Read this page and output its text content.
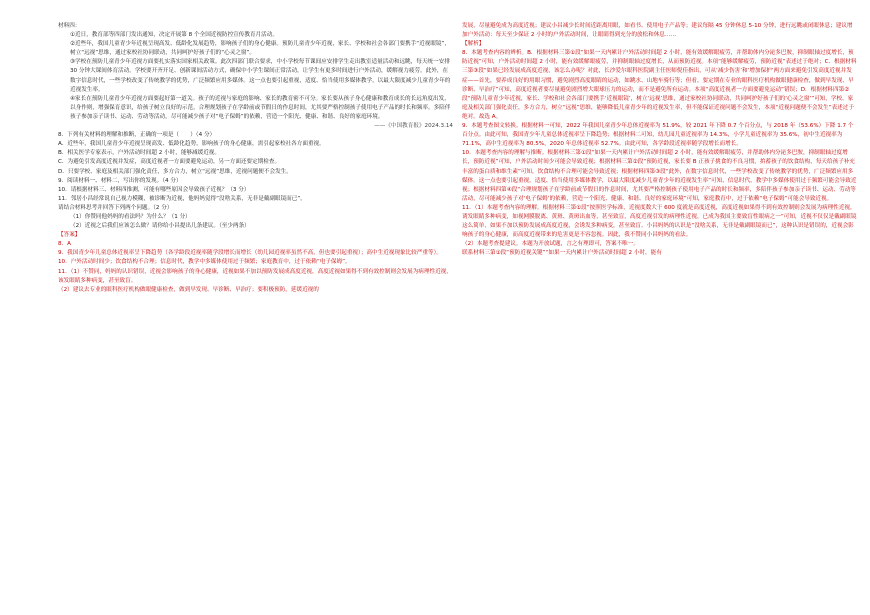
材料四：

①近日，教育部等四部门发出通知，决定开展第 8 个全国近视防控宣传教育月活动。

②近些年，我国儿童青少年近视呈现高发、低龄化发展趋势，影响孩子们的身心健康。预防儿童青少年近视，家长、学校和社会各部门要携手“近视眼镜”，树立“远视”思维，通过家校社协同联动，共同呵护好孩子们的“心灵之窗”。

③学校在预防儿童青少年近视方面要扎实落实国家相关政策。此次四部门联合要求，中小学校每节课间应安排学生走出教室适量活动和远眺，每天统一安排 30 分钟大课间体育活动。学校要开齐开足、创新课间活动方式，确保中小学生课间正常活动，让学生有更多时间进行户外活动，缓解视力疲劳。此外，在数字信息时代，一些学校改变了传统教学的优势，广泛频繁应用多媒体。这一点也要引起重视，适度、恰当使用多媒体教学，以最大限度减少儿童青少年的近视发生率。

④家长在预防儿童青少年近视方面要起好第一道关。孩子的近视与家庭的影响、家长的教育密不可分。家长要从孩子身心健康和教育成长的长远角度出发，以身作则，增强保育意识，给孩子树立良好的示范。合理规划孩子在学龄前或节假日的作息时间，尤其要严格控制孩子使用电子产品的时长和频率。多陪伴孩子参加亲子读书、运动、劳动等活动，尽可能减少孩子对“电子保姆”的依赖，营造一个阳光、健康、和谐、良好的家庭环境。

——《中国教育报》2024.3.14

8．下列有关材料的理解和推断，正确的一项是（　　）（4 分）

A．近些年，我国儿童青少年近视呈现高发、低龄化趋势，影响孩子的身心健康，需引起家校社各方面重视。

B．相关医学专家表示，户外活动时间超 2 小时，能够减缓近视。

C．为避免引发高度近视并发症，高度近视者一方面要避免运动，另一方面还要定期检查。

D．只要学校、家庭及相关部门强化责任，多方合力，树立“远视”思维，近视问题便不会发生。

9．阅读材料一、材料二，写出你的发现。（4 分）

10．请根据材料三、材料四推测，可能有哪些原因会导致孩子近视？（3 分）

11．邻居小昌经常说自己视力模糊，被诊断为近视，他妈妈觉得“没啥关系，无非是戴副眼镜而已”。

请结合材料思考并回答下列两个问题。（2 分）

（1）你赞同他妈妈的看法吗？为什么？（1 分）

（2）近视之后我们应该怎么做？请你给小昌提出几条建议。（至少两条）

【答案】

8．A

9．我国青少年儿童总体近视率呈下降趋势（各学龄段近视率随学段增长而增长（幼儿园近视率虽然不高，但也要引起重视）；高中生近视现象比较严重等）。

10．户外活动时间少；饮食结构不合理；信息时代，教学中多媒体使用过于频繁；家庭教育中，过于依赖“电子保姆”。

11．（1）不赞同，妈妈的认识错误，近视会影响孩子的身心健康，近视如果不加以预防发展成高度近视，高度近视如果得不到有效控制则会发展为病理性近视，该发眼睛多种病变，甚至致盲。

（2）建议去专业的眼科医疗机构做眼健康检查，做到早发现、早诊断、早治疗；要积极预防，延缓近视的

发展，尽量避免成为高度近视；建议小昌减少长时间近距离用眼，如看书、使用电子产品等；建议每隔 45 分钟休息 5-10 分钟，进行远眺或闭眼休息；建议增加户外活动：每天至少保证 2 小时的户外活动时间，让眼睛得到充分的放松和休息……

【解析】

8．本题考查内容的辨析。B．根据材料三第①段“如果一天内累计户外活动时间超 2 小时，能有效缓解眼疲劳，并帮助体内分泌多巴胺，抑制眼轴过度增长，预防近视”可知，户外活动时间超 2 小时，能有效缓解眼疲劳，并抑制眼轴过度增长，从而预防近视。本项“能够缓解疲劳，预防近视”表述过于绝对；C．根据材料三第③段“如果已经发展成高度近视，该怎么办呢？对此，长沙爱尔眼科医院副主任医师倪佳指出，可从‘减少伤害’和‘增加保护’两方面来避免引发高度近视并发症——首先，要养成良好的用眼习惯，避免剧烈高度眼睛的运动，如跳水、山地车骑行等；但看，要定期在专业的眼科医疗机构做眼健康检查，做到早发现、早诊断、早治疗”可知，高度近视者要尽量避免剧烈增大眼球压力的运动，而不是避免所有运动。本项“高度近视者一方面要避免运动”错误；D．根据材料四第②段“预防儿童青少年近视，家长、学校和社会各部门要携手‘近视眼镜’，树立‘远视’思维，通过家校社协同联动，共同呵护好孩子们的‘心灵之窗’”可知，学校、家庭及相关部门强化责任，多方合力，树立“远视”思维，能够降低儿童青少年的近视发生率，但不能保证近视问题不会发生，本项“近视问题便不会发生”表述过于绝对。故选 A。

9．本题考查图文转换。根据材料一可知，2022 年我国儿童青少年总体近视率为 51.9%，较 2021 年下降 0.7 个百分点，与 2018 年（53.6%）下降 1.7 个百分点。由此可知，我国青少年儿童总体近视率呈下降趋势；根据材料二可知，幼儿园儿童近视率为 14.3%，小学儿童近视率为 35.6%，初中生近视率为 71.1%，高中生近视率为 80.5%，2020 年总体近视率 52.7%。由此可知，各学龄段近视率随学段增长而增长。

10．本题考查内容的理解与推断。根据材料三第①段“如果一天内累计户外活动时间超 2 小时，能有效缓解眼疲劳，并帮助体内分泌多巴胺，抑制眼轴过度增长，预防近视”可知，户外活动时间少可能会导致近视；根据材料三第②段“预防近视，家长要 B 正孩子挑食的不良习惯，拚蓄孩子的饮食结构，每天给孩子补充丰富的蛋白质和维生素”可知，饮食结构不合理可能会导致近视；根据材料四第③段“此外，在数字信息时代，一些学校改变了传统教学的优势，广泛频繁应用多媒体。这一点也要引起重视，适度、恰当使用多媒体教学，以最大限度减少儿童青少年的近视发生率”可知，信息时代，教学中多媒体使用过于频繁可能会导致近视；根据材料四第④段“合理规划孩子在学龄前或节假日的作息时间，尤其要严格控制孩子使用电子产品的时长和频率，多陪伴孩子参加亲子读书、运动、劳动等活动，尽可能减少孩子对‘电子保姆’的依赖，营造一个阳光、健康、和谐、良好的家庭环境”可知，家庭教育中，过于依赖“电子保姆”可能会导致近视。

11．（1）本题考查内容的理解。根据材料三第①段“按照医学标准，近视度数大于 600 度就是高度近视，高度近视如果得不到有效控制则会发展为病理性近视，诱发眼睛多种病变，如视网膜脱离、黄斑、黄斑出血等，甚至致盲，高度近视引发的病理性近视，已成为我国主要致盲性眼病之一”可知，近视不仅仅是戴副眼镜这么简单，如果不加以预防发展成高度近视，会诱发多种病变，甚至致盲。小昌妈妈的认识是“没啥关系，无非是戴副眼镜而已”，这种认识是错误的，近视会影响孩子的身心健康，而高度近视带来的危害更是不容忽视。因此，我不赞同小昌妈妈的看法。

（2）本题考查提建议。本题为开放试题，言之有理即可，答案不唯一。

联系材料三第①段“预防近视关键”“如果一天内累计户外活动时间超 2 小时，能有
